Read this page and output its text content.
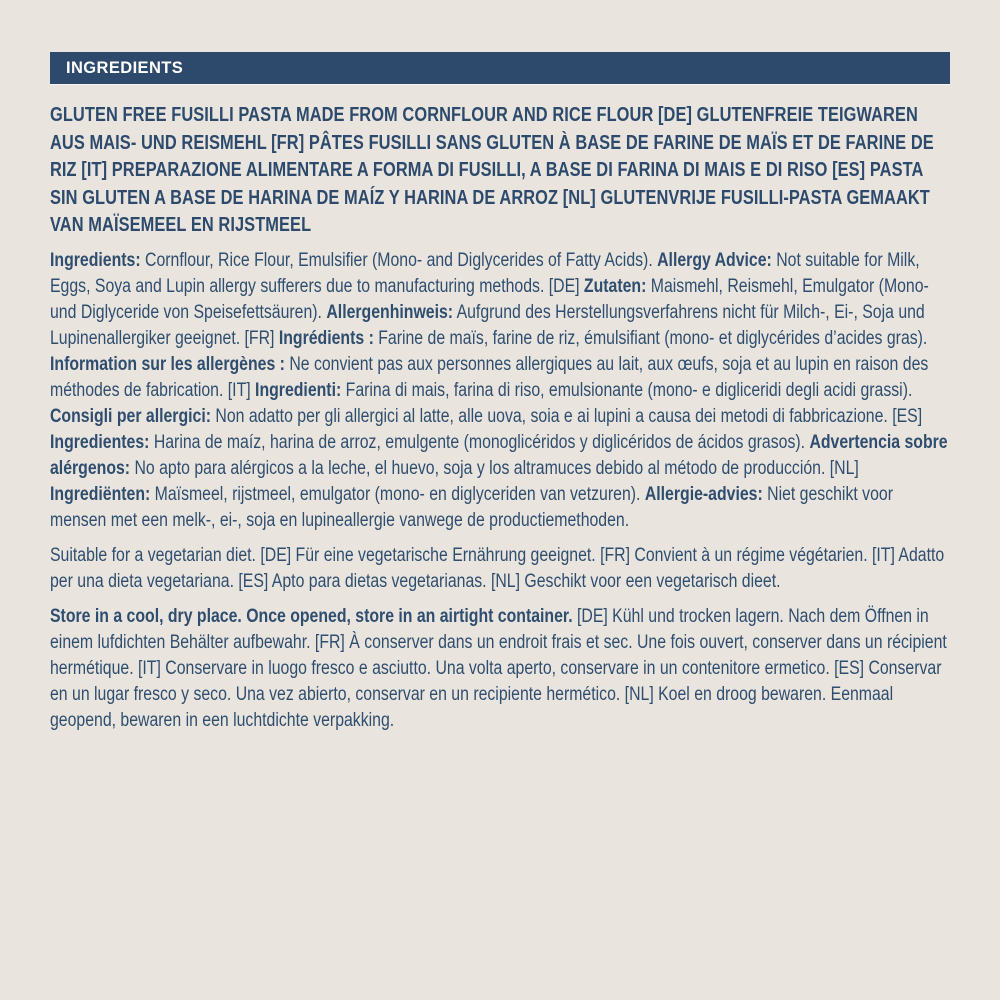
INGREDIENTS

GLUTEN FREE FUSILLI PASTA MADE FROM CORNFLOUR AND RICE FLOUR [DE] GLUTENFREIE TEIGWAREN AUS MAIS- UND REISMEHL [FR] PÂTES FUSILLI SANS GLUTEN À BASE DE FARINE DE MAÏS ET DE FARINE DE RIZ [IT] PREPARAZIONE ALIMENTARE A FORMA DI FUSILLI, A BASE DI FARINA DI MAIS E DI RISO [ES] PASTA SIN GLUTEN A BASE DE HARINA DE MAÍZ Y HARINA DE ARROZ [NL] GLUTENVRIJE FUSILLI-PASTA GEMAAKT VAN MAÏSEMEEL EN RIJSTMEEL

Ingredients: Cornflour, Rice Flour, Emulsifier (Mono- and Diglycerides of Fatty Acids). Allergy Advice: Not suitable for Milk, Eggs, Soya and Lupin allergy sufferers due to manufacturing methods. [DE] Zutaten: Maismehl, Reismehl, Emulgator (Mono- und Diglyceride von Speisefettsäuren). Allergenhinweis: Aufgrund des Herstellungsverfahrens nicht für Milch-, Ei-, Soja und Lupinenallergiker geeignet. [FR] Ingrédients : Farine de maïs, farine de riz, émulsifiant (mono- et diglycérides d’acides gras). Information sur les allergènes : Ne convient pas aux personnes allergiques au lait, aux œufs, soja et au lupin en raison des méthodes de fabrication. [IT] Ingredienti: Farina di mais, farina di riso, emulsionante (mono- e digliceridi degli acidi grassi). Consigli per allergici: Non adatto per gli allergici al latte, alle uova, soia e ai lupini a causa dei metodi di fabbricazione. [ES] Ingredientes: Harina de maíz, harina de arroz, emulgente (monoglicéridos y diglicéridos de ácidos grasos). Advertencia sobre alérgenos: No apto para alérgicos a la leche, el huevo, soja y los altramuces debido al método de producción. [NL] Ingrediënten: Maïsmeel, rijstmeel, emulgator (mono- en diglyceriden van vetzuren). Allergie-advies: Niet geschikt voor mensen met een melk-, ei-, soja en lupineallergie vanwege de productiemethoden.

Suitable for a vegetarian diet. [DE] Für eine vegetarische Ernährung geeignet. [FR] Convient à un régime végétarien. [IT] Adatto per una dieta vegetariana. [ES] Apto para dietas vegetarianas. [NL] Geschikt voor een vegetarisch dieet.

Store in a cool, dry place. Once opened, store in an airtight container. [DE] Kühl und trocken lagern. Nach dem Öffnen in einem lufdichten Behälter aufbewahr. [FR] À conserver dans un endroit frais et sec. Une fois ouvert, conserver dans un récipient hermétique. [IT] Conservare in luogo fresco e asciutto. Una volta aperto, conservare in un contenitore ermetico. [ES] Conservar en un lugar fresco y seco. Una vez abierto, conservar en un recipiente hermético. [NL] Koel en droog bewaren. Eenmaal geopend, bewaren in een luchtdichte verpakking.
